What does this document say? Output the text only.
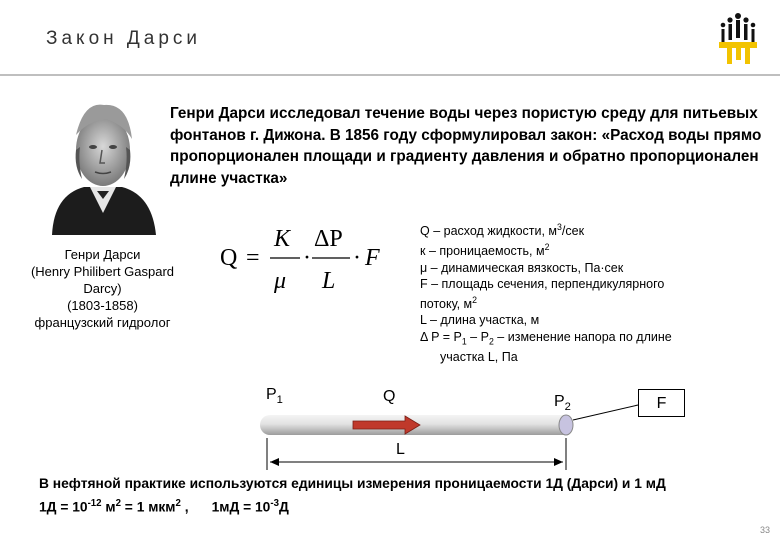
Закон Дарси
Генри Дарси исследовал течение воды через пористую среду для питьевых фонтанов г. Дижона. В 1856 году сформулировал закон: «Расход воды прямо пропорционален площади и градиенту давления и обратно пропорционален длине участка»
Генри Дарси
(Henry Philibert Gaspard
Darcy)
(1803-1858)
французский гидролог
Q =
K
μ
·
ΔP
L
· F
Q – расход жидкости, $м^3$/сек
к – проницаемость, $м^2$
μ – динамическая вязкость, Па·сек
F – площадь сечения, перпендикулярного
потоку, $м^2$
L – длина участка, м
Δ $P = P_1 - P_2$ – изменение напора по длине
участка L, Па
$P_1$	Q	$P_2$	F
L
В нефтяной практике используются единицы измерения проницаемости 1Д (Дарси) и 1 мД
$1Д = 10^{-12}$ $м^2 = 1$ мкм$^2$ ,      $1мД = 10^{-3}Д$
33
